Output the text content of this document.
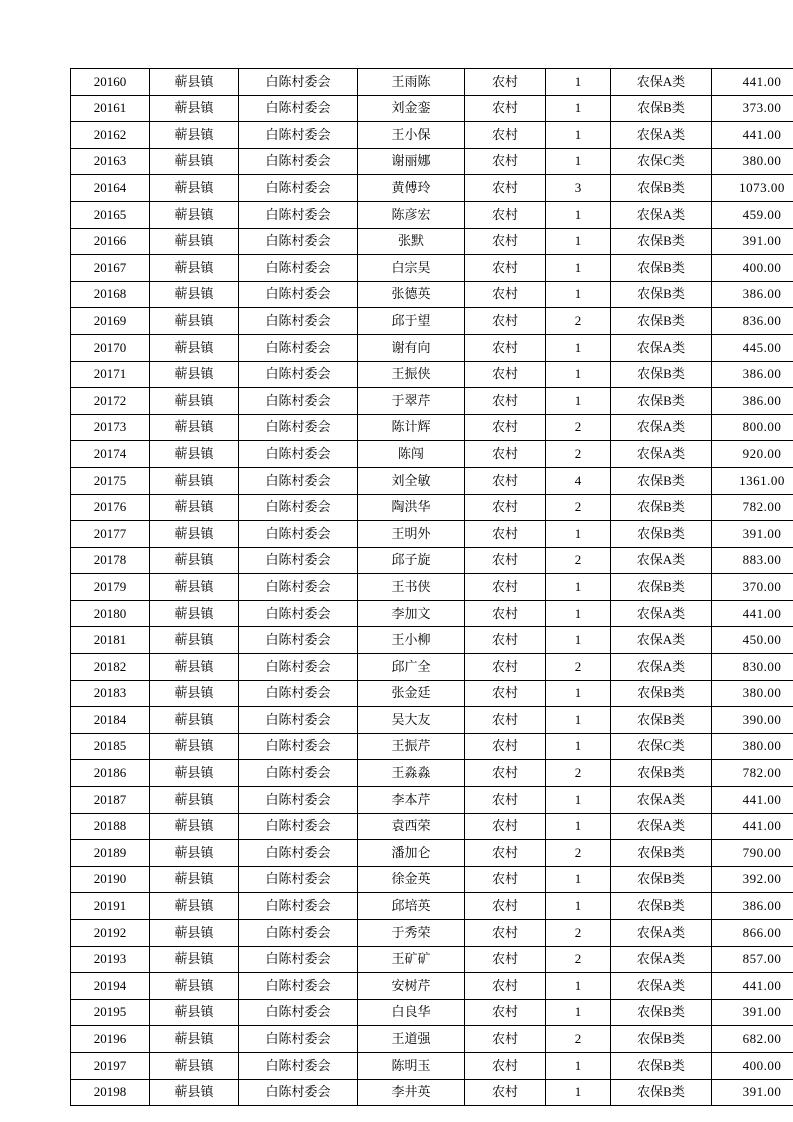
20160	蕲县镇	白陈村委会	王雨陈	农村	1	农保A类	441.00
20161	蕲县镇	白陈村委会	刘金銮	农村	1	农保B类	373.00
20162	蕲县镇	白陈村委会	王小保	农村	1	农保A类	441.00
20163	蕲县镇	白陈村委会	谢丽娜	农村	1	农保C类	380.00
20164	蕲县镇	白陈村委会	黄傅玲	农村	3	农保B类	1073.00
20165	蕲县镇	白陈村委会	陈彦宏	农村	1	农保A类	459.00
20166	蕲县镇	白陈村委会	张默	农村	1	农保B类	391.00
20167	蕲县镇	白陈村委会	白宗昊	农村	1	农保B类	400.00
20168	蕲县镇	白陈村委会	张德英	农村	1	农保B类	386.00
20169	蕲县镇	白陈村委会	邱于望	农村	2	农保B类	836.00
20170	蕲县镇	白陈村委会	谢有向	农村	1	农保A类	445.00
20171	蕲县镇	白陈村委会	王振侠	农村	1	农保B类	386.00
20172	蕲县镇	白陈村委会	于翠芹	农村	1	农保B类	386.00
20173	蕲县镇	白陈村委会	陈计辉	农村	2	农保A类	800.00
20174	蕲县镇	白陈村委会	陈闯	农村	2	农保A类	920.00
20175	蕲县镇	白陈村委会	刘全敏	农村	4	农保B类	1361.00
20176	蕲县镇	白陈村委会	陶洪华	农村	2	农保B类	782.00
20177	蕲县镇	白陈村委会	王明外	农村	1	农保B类	391.00
20178	蕲县镇	白陈村委会	邱子旋	农村	2	农保A类	883.00
20179	蕲县镇	白陈村委会	王书侠	农村	1	农保B类	370.00
20180	蕲县镇	白陈村委会	李加文	农村	1	农保A类	441.00
20181	蕲县镇	白陈村委会	王小柳	农村	1	农保A类	450.00
20182	蕲县镇	白陈村委会	邱广全	农村	2	农保A类	830.00
20183	蕲县镇	白陈村委会	张金廷	农村	1	农保B类	380.00
20184	蕲县镇	白陈村委会	吴大友	农村	1	农保B类	390.00
20185	蕲县镇	白陈村委会	王振芹	农村	1	农保C类	380.00
20186	蕲县镇	白陈村委会	王淼淼	农村	2	农保B类	782.00
20187	蕲县镇	白陈村委会	李本芹	农村	1	农保A类	441.00
20188	蕲县镇	白陈村委会	袁西荣	农村	1	农保A类	441.00
20189	蕲县镇	白陈村委会	潘加仑	农村	2	农保B类	790.00
20190	蕲县镇	白陈村委会	徐金英	农村	1	农保B类	392.00
20191	蕲县镇	白陈村委会	邱培英	农村	1	农保B类	386.00
20192	蕲县镇	白陈村委会	于秀荣	农村	2	农保A类	866.00
20193	蕲县镇	白陈村委会	王矿矿	农村	2	农保A类	857.00
20194	蕲县镇	白陈村委会	安树芹	农村	1	农保A类	441.00
20195	蕲县镇	白陈村委会	白良华	农村	1	农保B类	391.00
20196	蕲县镇	白陈村委会	王道强	农村	2	农保B类	682.00
20197	蕲县镇	白陈村委会	陈明玉	农村	1	农保B类	400.00
20198	蕲县镇	白陈村委会	李井英	农村	1	农保B类	391.00
